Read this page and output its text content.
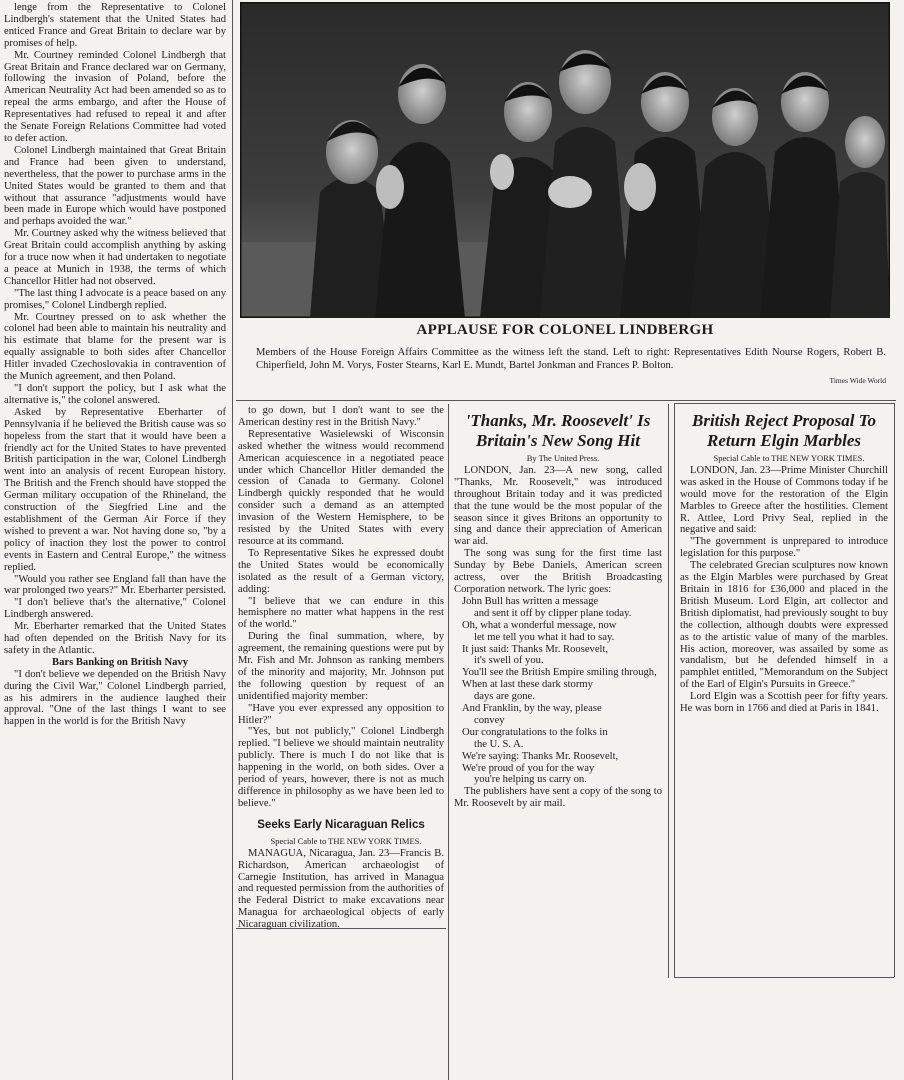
lenge from the Representative to Colonel Lindbergh's statement that the United States had enticed France and Great Britain to declare war by promises of help.

Mr. Courtney reminded Colonel Lindbergh that Great Britain and France declared war on Germany, following the invasion of Poland, before the American Neutrality Act had been amended so as to repeal the arms embargo, and after the House of Representatives had refused to repeal it and after the Senate Foreign Relations Committee had voted to defer action.

Colonel Lindbergh maintained that Great Britain and France had been given to understand, nevertheless, that the power to purchase arms in the United States would be granted to them and that without that assurance "adjustments would have been made in Europe which would have postponed and perhaps avoided the war."

Mr. Courtney asked why the witness believed that Great Britain could accomplish anything by asking for a truce now when it had undertaken to negotiate a peace at Munich in 1938, the terms of which Chancellor Hitler had not observed.

"The last thing I advocate is a peace based on any promises," Colonel Lindbergh replied.

Mr. Courtney pressed on to ask whether the colonel had been able to maintain his neutrality and his estimate that blame for the present war is equally assignable to both sides after Chancellor Hitler invaded Czechoslovakia in contravention of the Munich agreement, and then Poland.

"I don't support the policy, but I ask what the alternative is," the colonel answered.

Asked by Representative Eberharter of Pennsylvania if he believed the British cause was so hopeless from the start that it would have been a friendly act for the United States to have prevented British participation in the war, Colonel Lindbergh went into an analysis of recent European history. The British and the French should have stopped the German military occupation of the Rhineland, the construction of the Siegfried Line and the establishment of the German Air Force if they wished to prevent a war. Not having done so, "by a policy of inaction they lost the power to control events in Eastern and Central Europe," the witness replied.

"Would you rather see England fall than have the war prolonged two years?" Mr. Eberharter persisted.

"I don't believe that's the alternative," Colonel Lindbergh answered.

Mr. Eberharter remarked that the United States had often depended on the British Navy for its safety in the Atlantic.

Bars Banking on British Navy

"I don't believe we depended on the British Navy during the Civil War," Colonel Lindbergh parried, as his admirers in the audience laughed their approval. "One of the last things I want to see happen in the world is for the British Navy

APPLAUSE FOR COLONEL LINDBERGH
Members of the House Foreign Affairs Committee as the witness left the stand. Left to right: Representatives Edith Nourse Rogers, Robert B. Chiperfield, John M. Vorys, Foster Stearns, Karl E. Mundt, Bartel Jonkman and Frances P. Bolton.
Times Wide World

to go down, but I don't want to see the American destiny rest in the British Navy."

Representative Wasielewski of Wisconsin asked whether the witness would recommend American acquiescence in a negotiated peace under which Chancellor Hitler demanded the cession of Canada to Germany. Colonel Lindbergh quickly responded that he would consider such a demand as an attempted invasion of the Western Hemisphere, to be resisted by the United States with every resource at its command.

To Representative Sikes he expressed doubt the United States would be economically isolated as the result of a German victory, adding:

"I believe that we can endure in this hemisphere no matter what happens in the rest of the world."

During the final summation, where, by agreement, the remaining questions were put by Mr. Fish and Mr. Johnson as ranking members of the minority and majority, Mr. Johnson put the following question by request of an unidentified majority member:

"Have you ever expressed any opposition to Hitler?"

"Yes, but not publicly," Colonel Lindbergh replied. "I believe we should maintain neutrality publicly. There is much I do not like that is happening in the world, on both sides. Over a period of years, however, there is not as much difference in philosophy as we have been led to believe."

Seeks Early Nicaraguan Relics

Special Cable to THE NEW YORK TIMES.

MANAGUA, Nicaragua, Jan. 23—Francis B. Richardson, American archaeologist of Carnegie Institution, has arrived in Managua and requested permission from the authorities of the Federal District to make excavations near Managua for archaeological objects of early Nicaraguan civilization.

'Thanks, Mr. Roosevelt' Is Britain's New Song Hit

By The United Press.

LONDON, Jan. 23—A new song, called "Thanks, Mr. Roosevelt," was introduced throughout Britain today and it was predicted that the tune would be the most popular of the season since it gives Britons an opportunity to sing and dance their appreciation of American war aid.

The song was sung for the first time last Sunday by Bebe Daniels, American screen actress, over the British Broadcasting Corporation network. The lyric goes:

John Bull has written a message

and sent it off by clipper plane today.

Oh, what a wonderful message, now

let me tell you what it had to say.

It just said: Thanks Mr. Roosevelt,

it's swell of you.

You'll see the British Empire smiling through,

When at last these dark stormy

days are gone.

And Franklin, by the way, please

convey

Our congratulations to the folks in

the U. S. A.

We're saying: Thanks Mr. Roosevelt,

We're proud of you for the way

you're helping us carry on.

The publishers have sent a copy of the song to Mr. Roosevelt by air mail.

British Reject Proposal To Return Elgin Marbles

Special Cable to THE NEW YORK TIMES.

LONDON, Jan. 23—Prime Minister Churchill was asked in the House of Commons today if he would move for the restoration of the Elgin Marbles to Greece after the hostilities. Clement R. Attlee, Lord Privy Seal, replied in the negative and said:

"The government is unprepared to introduce legislation for this purpose."

The celebrated Grecian sculptures now known as the Elgin Marbles were purchased by Great Britain in 1816 for £36,000 and placed in the British Museum. Lord Elgin, art collector and British diplomatist, had previously sought to buy the collection, although doubts were expressed as to the artistic value of many of the marbles. His action, moreover, was assailed by some as vandalism, but he defended himself in a pamphlet entitled, "Memorandum on the Subject of the Earl of Elgin's Pursuits in Greece."

Lord Elgin was a Scottish peer for fifty years. He was born in 1766 and died at Paris in 1841.
